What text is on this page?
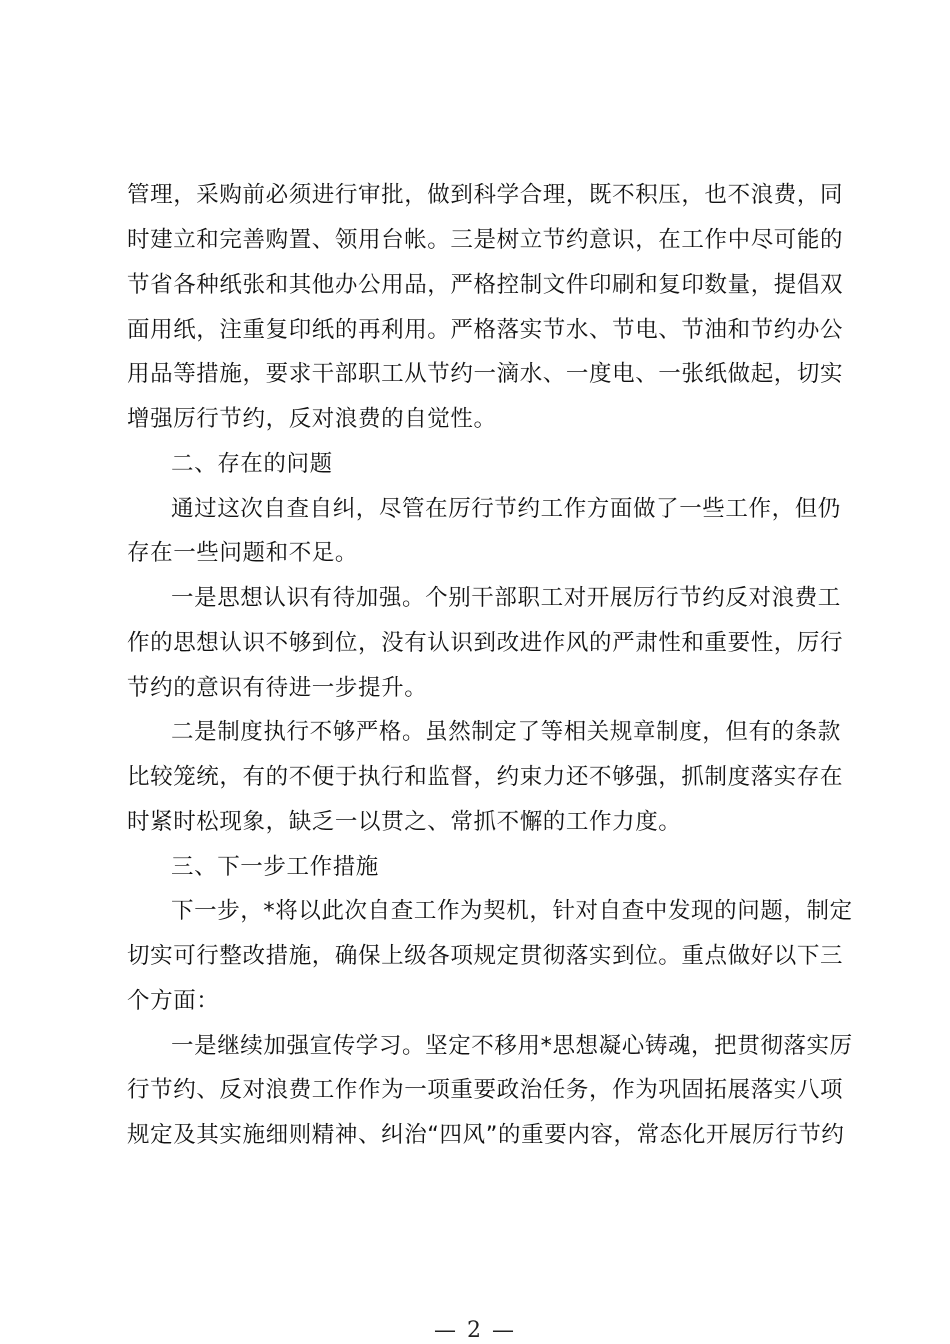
管理，采购前必须进行审批，做到科学合理，既不积压，也不浪费，同
时建立和完善购置、领用台帐。三是树立节约意识，在工作中尽可能的
节省各种纸张和其他办公用品，严格控制文件印刷和复印数量，提倡双
面用纸，注重复印纸的再利用。严格落实节水、节电、节油和节约办公
用品等措施，要求干部职工从节约一滴水、一度电、一张纸做起，切实
增强厉行节约，反对浪费的自觉性。
二、存在的问题
通过这次自查自纠，尽管在厉行节约工作方面做了一些工作，但仍
存在一些问题和不足。
一是思想认识有待加强。个别干部职工对开展厉行节约反对浪费工
作的思想认识不够到位，没有认识到改进作风的严肃性和重要性，厉行
节约的意识有待进一步提升。
二是制度执行不够严格。虽然制定了等相关规章制度，但有的条款
比较笼统，有的不便于执行和监督，约束力还不够强，抓制度落实存在
时紧时松现象，缺乏一以贯之、常抓不懈的工作力度。
三、下一步工作措施
下一步，*将以此次自查工作为契机，针对自查中发现的问题，制定
切实可行整改措施，确保上级各项规定贯彻落实到位。重点做好以下三
个方面：
一是继续加强宣传学习。坚定不移用*思想凝心铸魂，把贯彻落实厉
行节约、反对浪费工作作为一项重要政治任务，作为巩固拓展落实八项
规定及其实施细则精神、纠治“四风”的重要内容，常态化开展厉行节约
— 2 —
